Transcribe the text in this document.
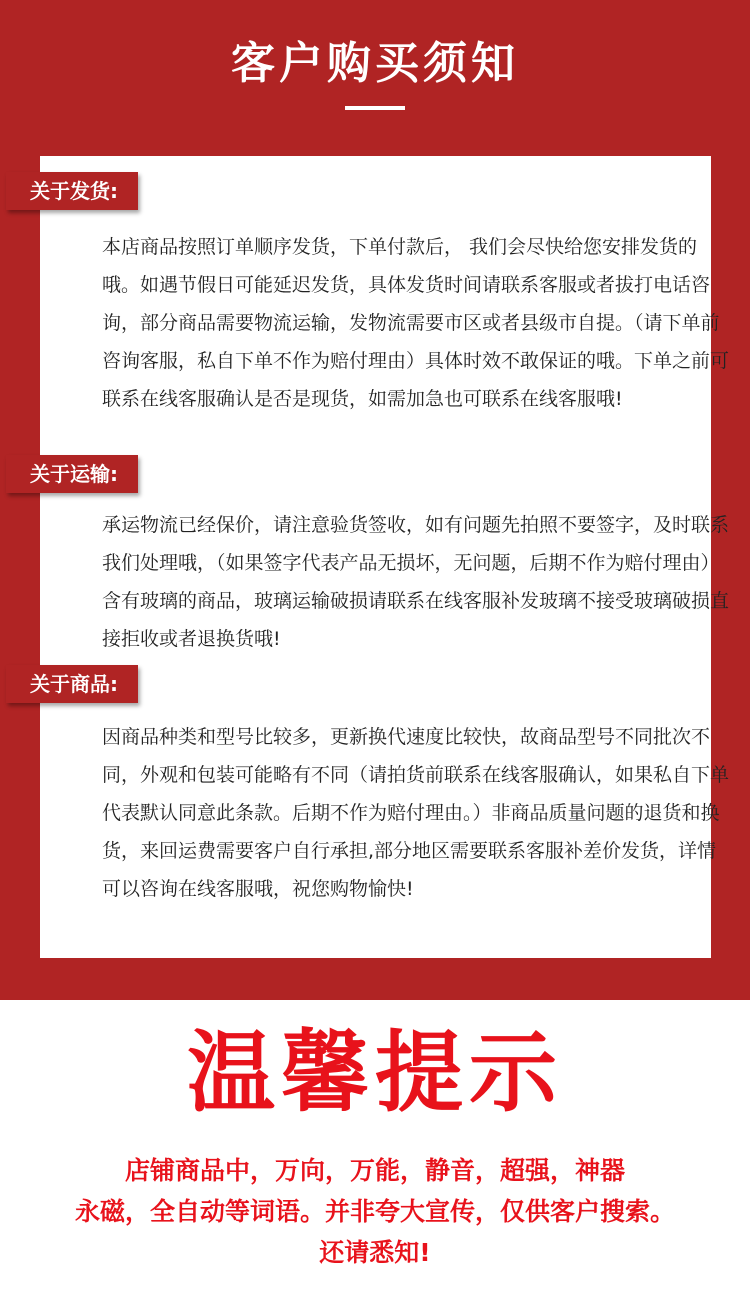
客户购买须知

本店商品按照订单顺序发货，下单付款后， 我们会尽快给您安排发货的哦。如遇节假日可能延迟发货，具体发货时间请联系客服或者拔打电话咨询，部分商品需要物流运输，发物流需要市区或者县级市自提。（请下单前咨询客服，私自下单不作为赔付理由）具体时效不敢保证的哦。下单之前可联系在线客服确认是否是现货，如需加急也可联系在线客服哦!

承运物流已经保价，请注意验货签收，如有问题先拍照不要签字，及时联系我们处理哦，（如果签字代表产品无损坏，无问题，后期不作为赔付理由）含有玻璃的商品，玻璃运输破损请联系在线客服补发玻璃不接受玻璃破损直接拒收或者退换货哦!

因商品种类和型号比较多，更新换代速度比较快，故商品型号不同批次不同，外观和包装可能略有不同（请拍货前联系在线客服确认，如果私自下单代表默认同意此条款。后期不作为赔付理由。）非商品质量问题的退货和换货，来回运费需要客户自行承担,部分地区需要联系客服补差价发货，详情可以咨询在线客服哦，祝您购物愉快!

关于发货:
关于运输:
关于商品:
温馨提示
店铺商品中，万向，万能，静音，超强，神器
永磁，全自动等词语。并非夸大宣传，仅供客户搜索。
还请悉知!
